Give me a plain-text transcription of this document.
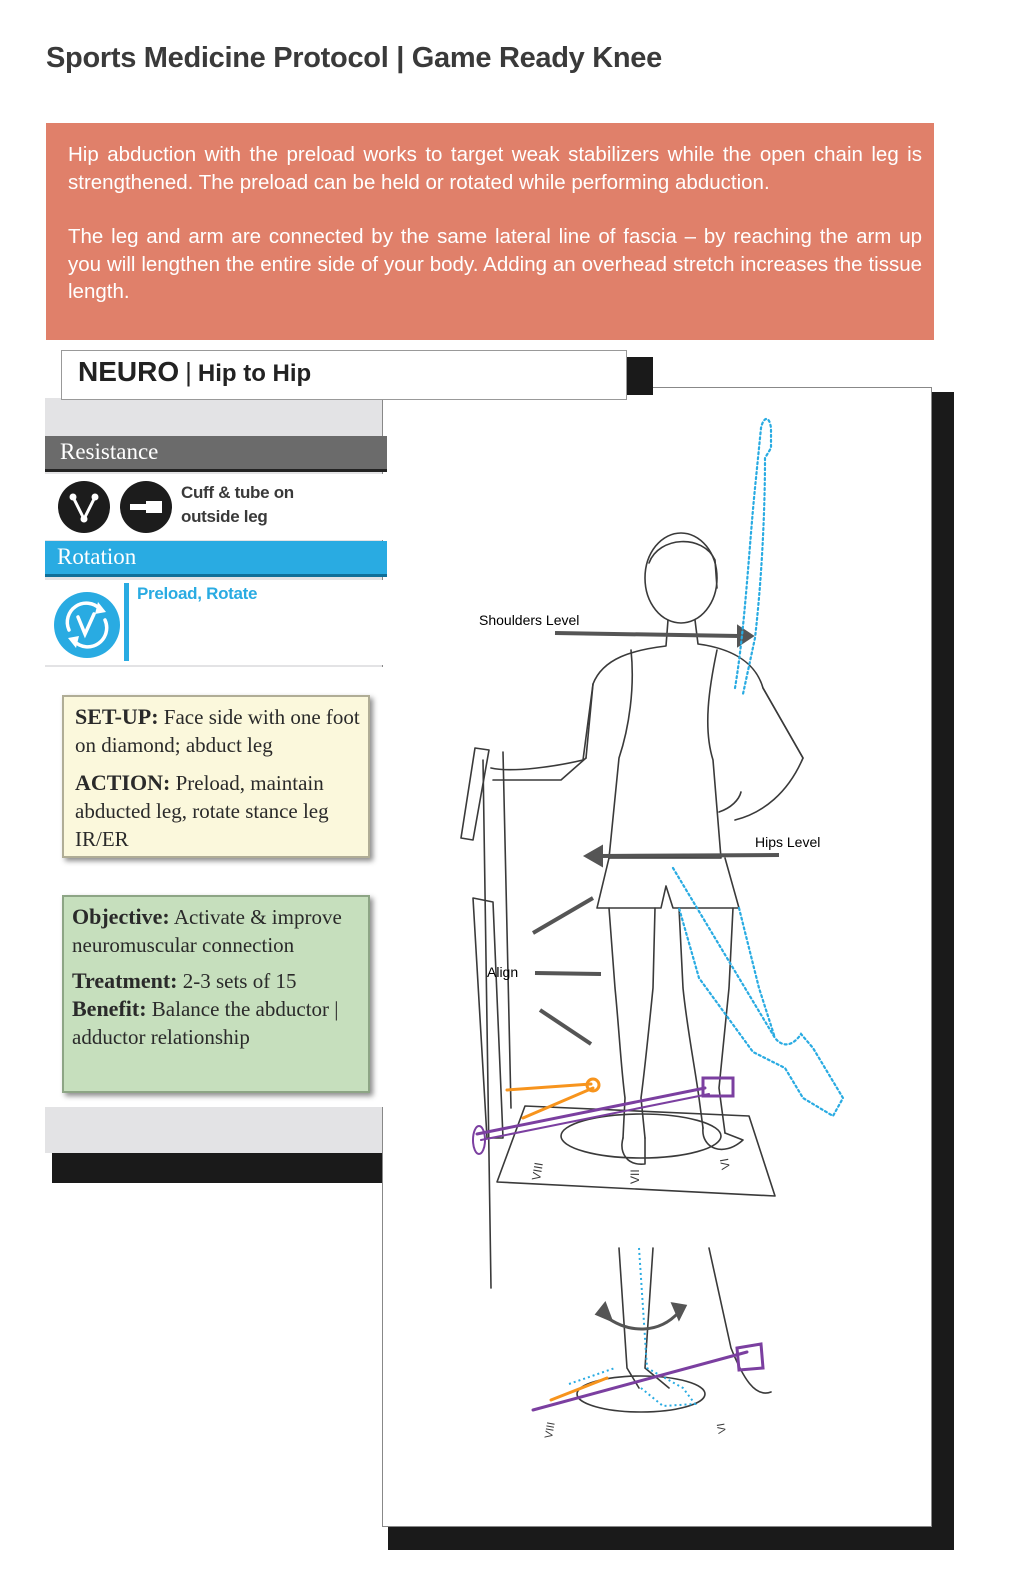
Sports Medicine Protocol | Game Ready Knee

Hip abduction with the preload works to target weak stabilizers while the open chain leg is strengthened. The preload can be held or rotated while performing abduction.

The leg and arm are connected by the same lateral line of fascia – by reaching the arm up you will lengthen the entire side of your body. Adding an overhead stretch increases the tissue length.

Shoulders Level
Hips Level
Align
VIII	VII
VI
VIII	VI
NEURO | Hip to Hip
Resistance
Cuff & tube on
outside leg
Rotation
Preload, Rotate

SET-UP: Face side with one foot on diamond; abduct leg

ACTION: Preload, maintain abducted leg, rotate stance leg IR/ER

Objective: Activate & improve neuromuscular connection

Treatment: 2-3 sets of 15

Benefit: Balance the abductor | adductor relationship
